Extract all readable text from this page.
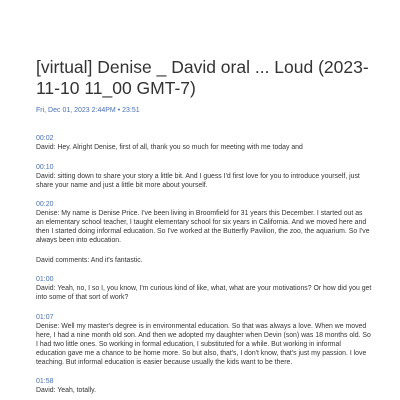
[virtual] Denise _ David oral ... Loud (2023-11-10 11_00 GMT-7)
Fri, Dec 01, 2023 2:44PM • 23:51
00:02

David: Hey. Alright Denise, first of all, thank you so much for meeting with me today and

00:10

David: sitting down to share your story a little bit. And I guess I'd first love for you to introduce yourself, just share your name and just a little bit more about yourself.

00:20

Denise: My name is Denise Price. I've been living in Broomfield for 31 years this December. I started out as an elementary school teacher, I taught elementary school for six years in California. And we moved here and then I started doing informal education. So I've worked at the Butterfly Pavilion, the zoo, the aquarium. So I've always been into education.

David comments: And it's fantastic.

01:00

David: Yeah, no, I so I, you know, I'm curious kind of like, what, what are your motivations? Or how did you get into some of that sort of work?

01:07

Denise: Well my master's degree is in environmental education. So that was always a love. When we moved here, I had a nine month old son. And then we adopted my daughter when Devin (son) was 18 months old. So I had two little ones. So working in formal education, I substituted for a while. But working in informal education gave me a chance to be home more. So but also, that's, I don't know, that's just my passion. I love teaching. But informal education is easier because usually the kids want to be there.

01:58

David: Yeah, totally.
